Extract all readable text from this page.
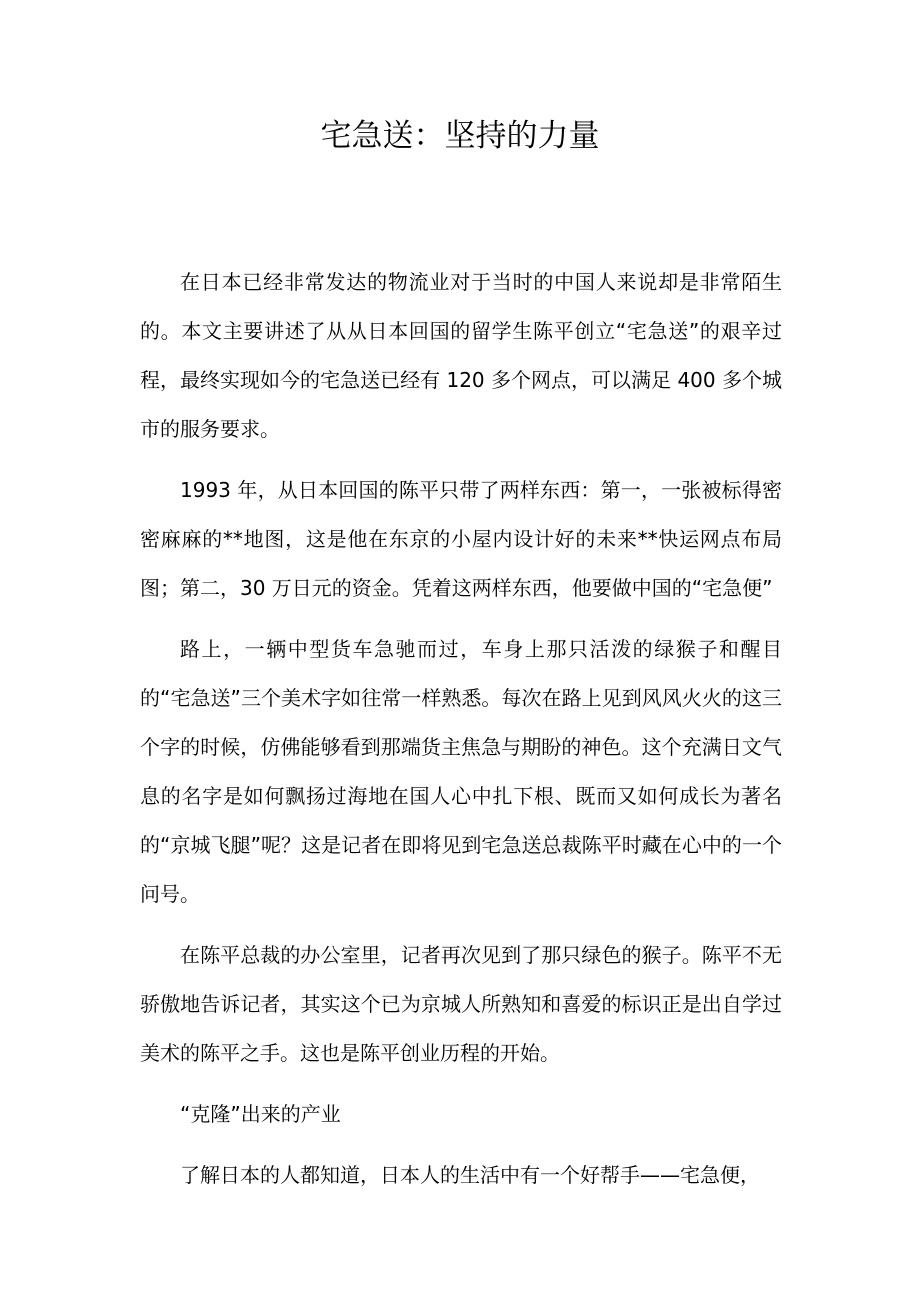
宅急送：坚持的力量

在日本已经非常发达的物流业对于当时的中国人来说却是非常陌生的。本文主要讲述了从从日本回国的留学生陈平创立“宅急送”的艰辛过程，最终实现如今的宅急送已经有 120 多个网点，可以满足 400 多个城市的服务要求。

1993 年，从日本回国的陈平只带了两样东西：第一，一张被标得密密麻麻的**地图，这是他在东京的小屋内设计好的未来**快运网点布局图；第二，30 万日元的资金。凭着这两样东西，他要做中国的“宅急便”

路上，一辆中型货车急驰而过，车身上那只活泼的绿猴子和醒目的“宅急送”三个美术字如往常一样熟悉。每次在路上见到风风火火的这三个字的时候，仿佛能够看到那端货主焦急与期盼的神色。这个充满日文气息的名字是如何飘扬过海地在国人心中扎下根、既而又如何成长为著名的“京城飞腿”呢？这是记者在即将见到宅急送总裁陈平时藏在心中的一个问号。

在陈平总裁的办公室里，记者再次见到了那只绿色的猴子。陈平不无骄傲地告诉记者，其实这个已为京城人所熟知和喜爱的标识正是出自学过美术的陈平之手。这也是陈平创业历程的开始。

“克隆”出来的产业

了解日本的人都知道，日本人的生活中有一个好帮手——宅急便，
